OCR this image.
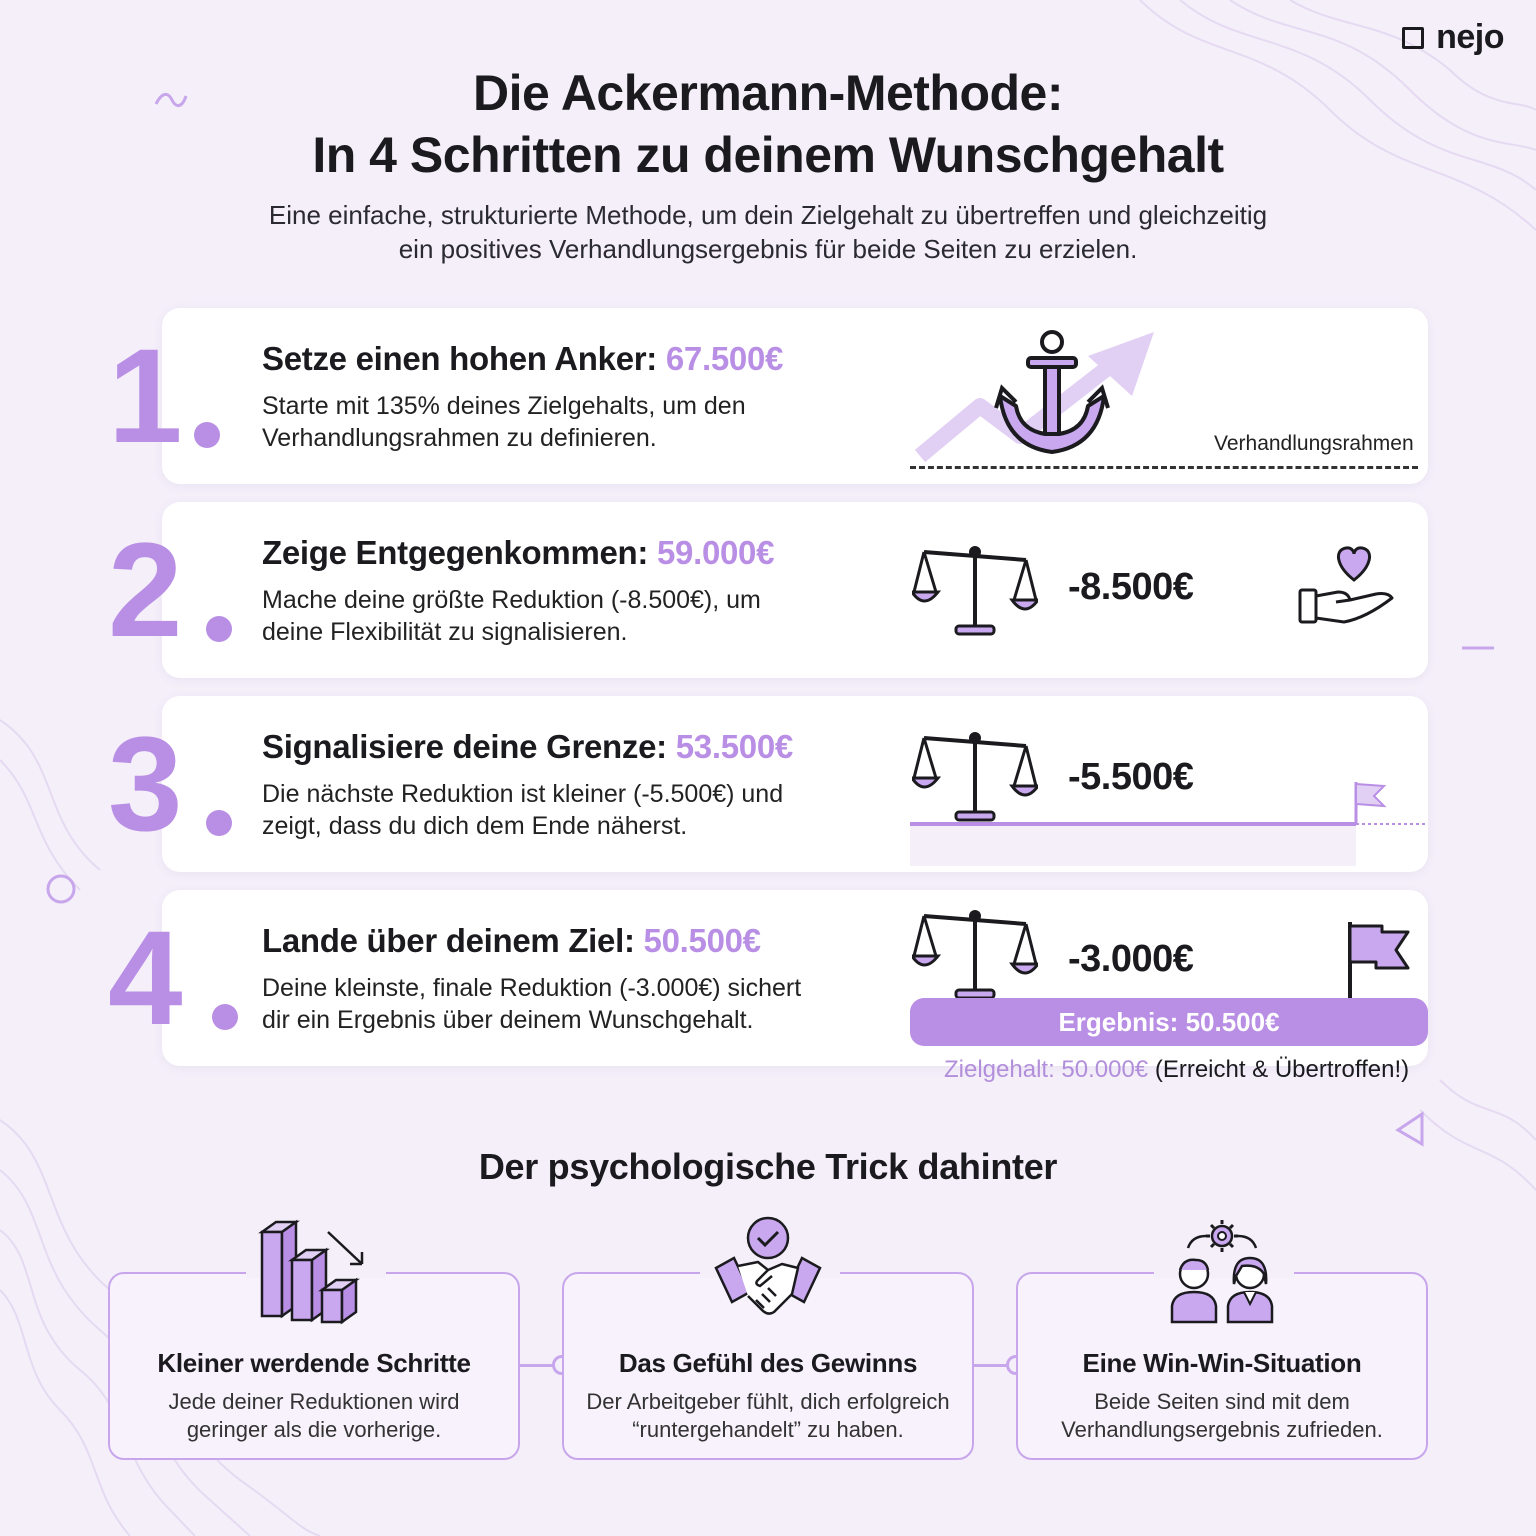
nejo
Die Ackermann-Methode:
In 4 Schritten zu deinem Wunschgehalt
Eine einfache, strukturierte Methode, um dein Zielgehalt zu übertreffen und gleichzeitig
ein positives Verhandlungsergebnis für beide Seiten zu erzielen.
Setze einen hohen Anker: 67.500€
Starte mit 135% deines Zielgehalts, um den
Verhandlungsrahmen zu definieren.	Verhandlungsrahmen
1
Zeige Entgegenkommen: 59.000€
Mache deine größte Reduktion (-8.500€), um
deine Flexibilität zu signalisieren.
-8.500€
2
Signalisiere deine Grenze: 53.500€
Die nächste Reduktion ist kleiner (-5.500€) und
zeigt, dass du dich dem Ende näherst.
-5.500€
3
Lande über deinem Ziel: 50.500€
Deine kleinste, finale Reduktion (-3.000€) sichert
dir ein Ergebnis über deinem Wunschgehalt.
-3.000€
4	Ergebnis: 50.500€
Zielgehalt: 50.000€ (Erreicht & Übertroffen!)
Der psychologische Trick dahinter
Kleiner werdende Schritte
Jede deiner Reduktionen wird
geringer als die vorherige.
Das Gefühl des Gewinns
Der Arbeitgeber fühlt, dich erfolgreich
“runtergehandelt” zu haben.
Eine Win-Win-Situation
Beide Seiten sind mit dem
Verhandlungsergebnis zufrieden.
